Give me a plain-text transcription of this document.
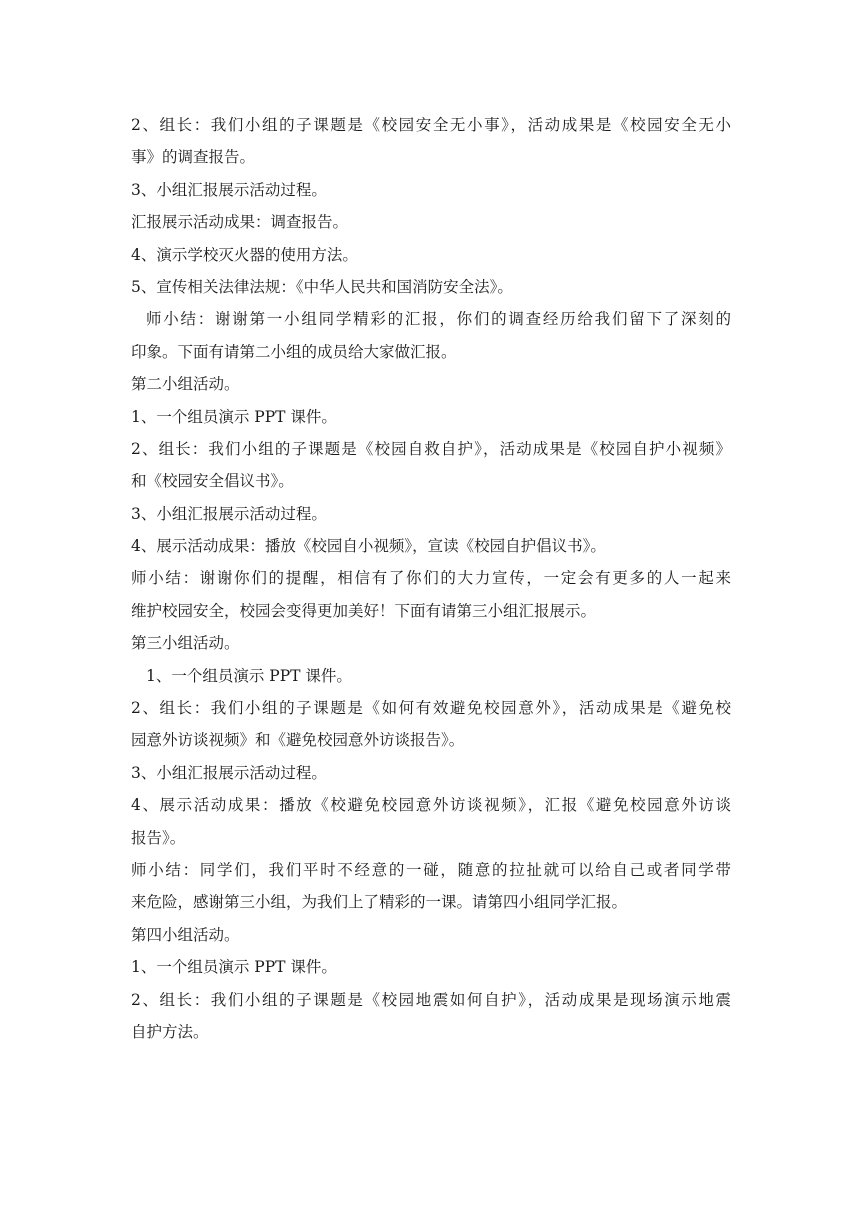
2、组长：我们小组的子课题是《校园安全无小事》，活动成果是《校园安全无小
事》的调查报告。
3、小组汇报展示活动过程。
汇报展示活动成果：调查报告。
4、演示学校灭火器的使用方法。
5、宣传相关法律法规：《中华人民共和国消防安全法》。
师小结：谢谢第一小组同学精彩的汇报，你们的调查经历给我们留下了深刻的
印象。下面有请第二小组的成员给大家做汇报。
第二小组活动。
1、一个组员演示 PPT 课件。
2、组长：我们小组的子课题是《校园自救自护》，活动成果是《校园自护小视频》
和《校园安全倡议书》。
3、小组汇报展示活动过程。
4、展示活动成果：播放《校园自小视频》，宣读《校园自护倡议书》。
师小结：谢谢你们的提醒，相信有了你们的大力宣传，一定会有更多的人一起来
维护校园安全，校园会变得更加美好！下面有请第三小组汇报展示。
第三小组活动。
1、一个组员演示 PPT 课件。
2、组长：我们小组的子课题是《如何有效避免校园意外》，活动成果是《避免校
园意外访谈视频》和《避免校园意外访谈报告》。
3、小组汇报展示活动过程。
4、展示活动成果：播放《校避免校园意外访谈视频》，汇报《避免校园意外访谈
报告》。
师小结：同学们，我们平时不经意的一碰，随意的拉扯就可以给自己或者同学带
来危险，感谢第三小组，为我们上了精彩的一课。请第四小组同学汇报。
第四小组活动。
1、一个组员演示 PPT 课件。
2、组长：我们小组的子课题是《校园地震如何自护》，活动成果是现场演示地震
自护方法。
